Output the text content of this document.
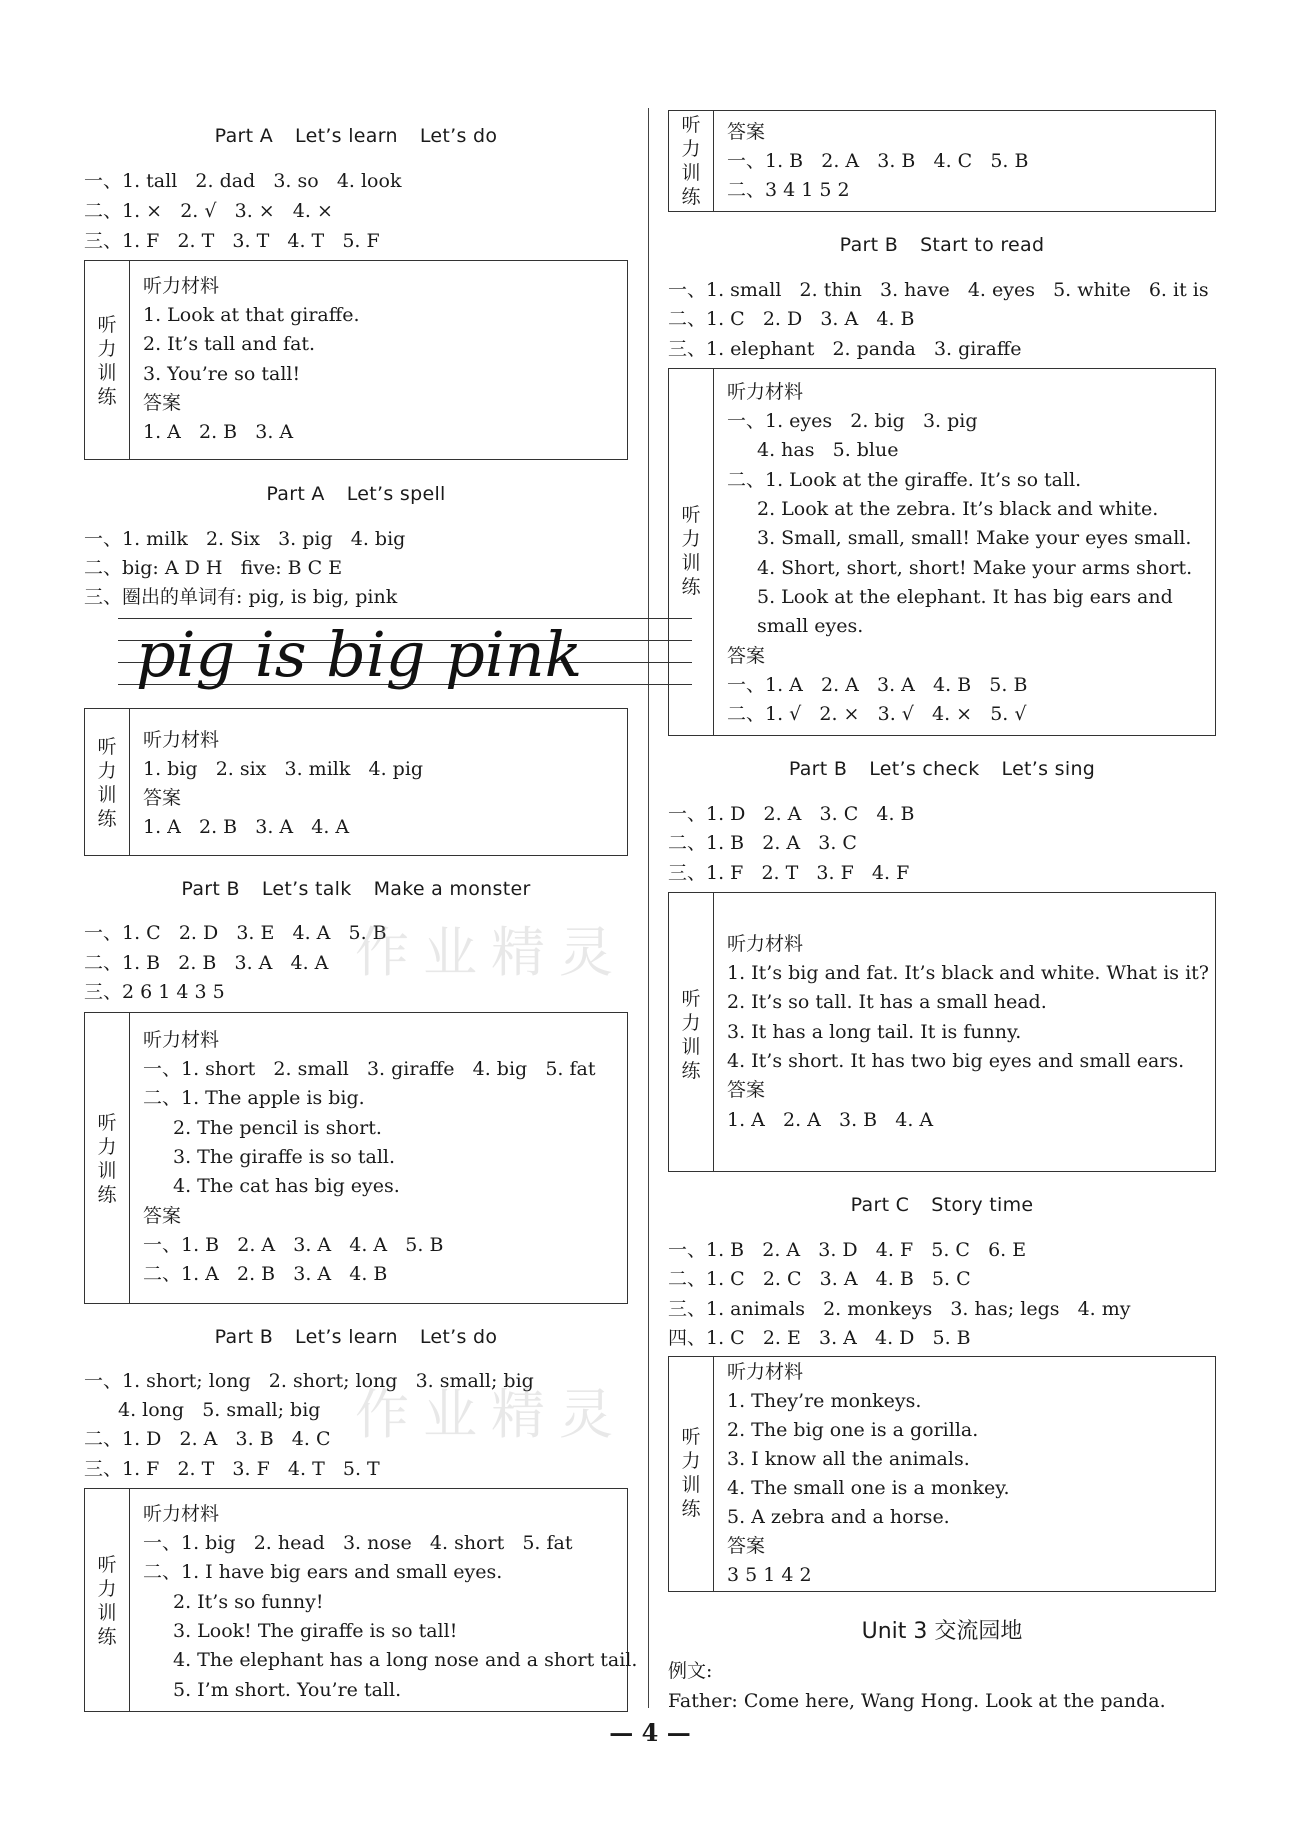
Part A Let’s learn Let’s do
一、1. tall   2. dad   3. so   4. look
二、1. ×   2. √   3. ×   4. ×
三、1. F   2. T   3. T   4. T   5. F
听
力
训
练
听力材料
1. Look at that giraffe.
2. It’s tall and fat.
3. You’re so tall!
答案
1. A   2. B   3. A
Part A Let’s spell
一、1. milk   2. Six   3. pig   4. big
二、big: A D H   five: B C E
三、圈出的单词有: pig, is big, pink
pig is big pink
听
力
训
练
听力材料
1. big   2. six   3. milk   4. pig
答案
1. A   2. B   3. A   4. A
Part B Let’s talk Make a monster
一、1. C   2. D   3. E   4. A   5. B
二、1. B   2. B   3. A   4. A
三、2 6 1 4 3 5
听
力
训
练
听力材料
一、1. short   2. small   3. giraffe   4. big   5. fat
二、1. The apple is big.
2. The pencil is short.
3. The giraffe is so tall.
4. The cat has big eyes.
答案
一、1. B   2. A   3. A   4. A   5. B
二、1. A   2. B   3. A   4. B
Part B Let’s learn Let’s do
一、1. short; long   2. short; long   3. small; big
4. long   5. small; big
二、1. D   2. A   3. B   4. C
三、1. F   2. T   3. F   4. T   5. T
听
力
训
练
听力材料
一、1. big   2. head   3. nose   4. short   5. fat
二、1. I have big ears and small eyes.
2. It’s so funny!
3. Look! The giraffe is so tall!
4. The elephant has a long nose and a short tail.
5. I’m short. You’re tall.
听
力
训
练
答案
一、1. B   2. A   3. B   4. C   5. B
二、3 4 1 5 2
Part B Start to read
一、1. small   2. thin   3. have   4. eyes   5. white   6. it is
二、1. C   2. D   3. A   4. B
三、1. elephant   2. panda   3. giraffe
听
力
训
练
听力材料
一、1. eyes   2. big   3. pig
4. has   5. blue
二、1. Look at the giraffe. It’s so tall.
2. Look at the zebra. It’s black and white.
3. Small, small, small! Make your eyes small.
4. Short, short, short! Make your arms short.
5. Look at the elephant. It has big ears and
small eyes.
答案
一、1. A   2. A   3. A   4. B   5. B
二、1. √   2. ×   3. √   4. ×   5. √
Part B Let’s check Let’s sing
一、1. D   2. A   3. C   4. B
二、1. B   2. A   3. C
三、1. F   2. T   3. F   4. F
听
力
训
练
听力材料
1. It’s big and fat. It’s black and white. What is it?
2. It’s so tall. It has a small head.
3. It has a long tail. It is funny.
4. It’s short. It has two big eyes and small ears.
答案
1. A   2. A   3. B   4. A
Part C Story time
一、1. B   2. A   3. D   4. F   5. C   6. E
二、1. C   2. C   3. A   4. B   5. C
三、1. animals   2. monkeys   3. has; legs   4. my
四、1. C   2. E   3. A   4. D   5. B
听
力
训
练
听力材料
1. They’re monkeys.
2. The big one is a gorilla.
3. I know all the animals.
4. The small one is a monkey.
5. A zebra and a horse.
答案
3 5 1 4 2
Unit 3 交流园地
例文:
Father: Come here, Wang Hong. Look at the panda.
作业精灵
作业精灵
— 4 —
